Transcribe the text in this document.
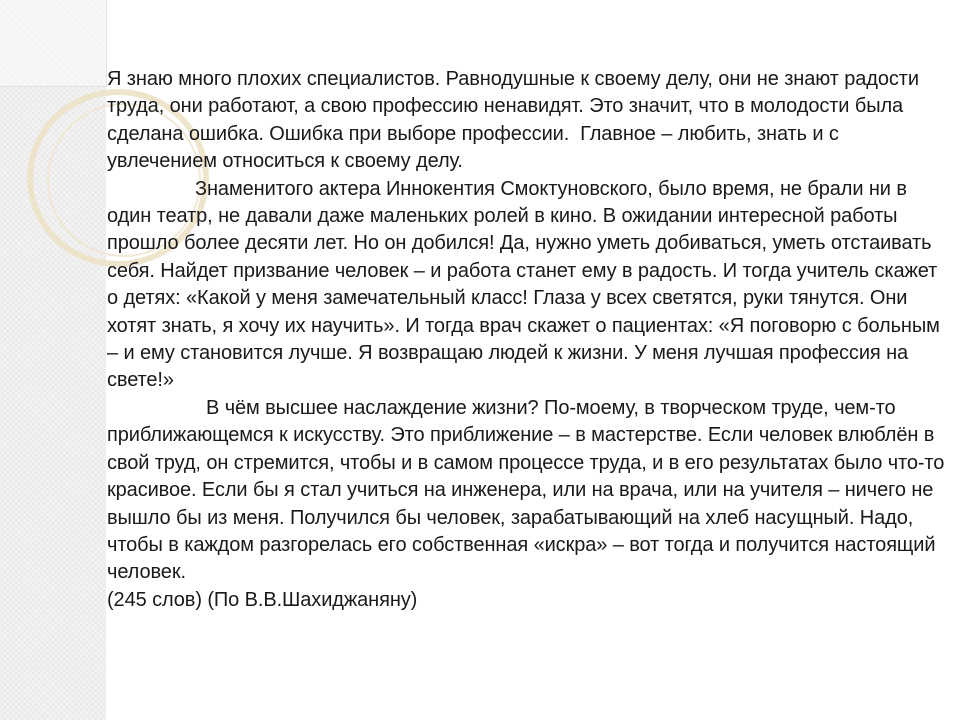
Я знаю много плохих специалистов. Равнодушные к своему делу, они не знают радости труда, они работают, а свою профессию ненавидят. Это значит, что в молодости была сделана ошибка. Ошибка при выборе профессии.  Главное – любить, знать и с увлечением относиться к своему делу.

Знаменитого актера Иннокентия Смоктуновского, было время, не брали ни в один театр, не давали даже маленьких ролей в кино. В ожидании интересной работы прошло более десяти лет. Но он добился! Да, нужно уметь добиваться, уметь отстаивать себя. Найдет призвание человек – и работа станет ему в радость. И тогда учитель скажет о детях: «Какой у меня замечательный класс! Глаза у всех светятся, руки тянутся. Они хотят знать, я хочу их научить». И тогда врач скажет о пациентах: «Я поговорю с больным – и ему становится лучше. Я возвращаю людей к жизни. У меня лучшая профессия на свете!»

В чём высшее наслаждение жизни? По-моему, в творческом труде, чем-то приближающемся к искусству. Это приближение – в мастерстве. Если человек влюблён в свой труд, он стремится, чтобы и в самом процессе труда, и в его результатах было что-то красивое. Если бы я стал учиться на инженера, или на врача, или на учителя – ничего не вышло бы из меня. Получился бы человек, зарабатывающий на хлеб насущный. Надо, чтобы в каждом разгорелась его собственная «искра» – вот тогда и получится настоящий человек.

(245 слов) (По В.В.Шахиджаняну)
